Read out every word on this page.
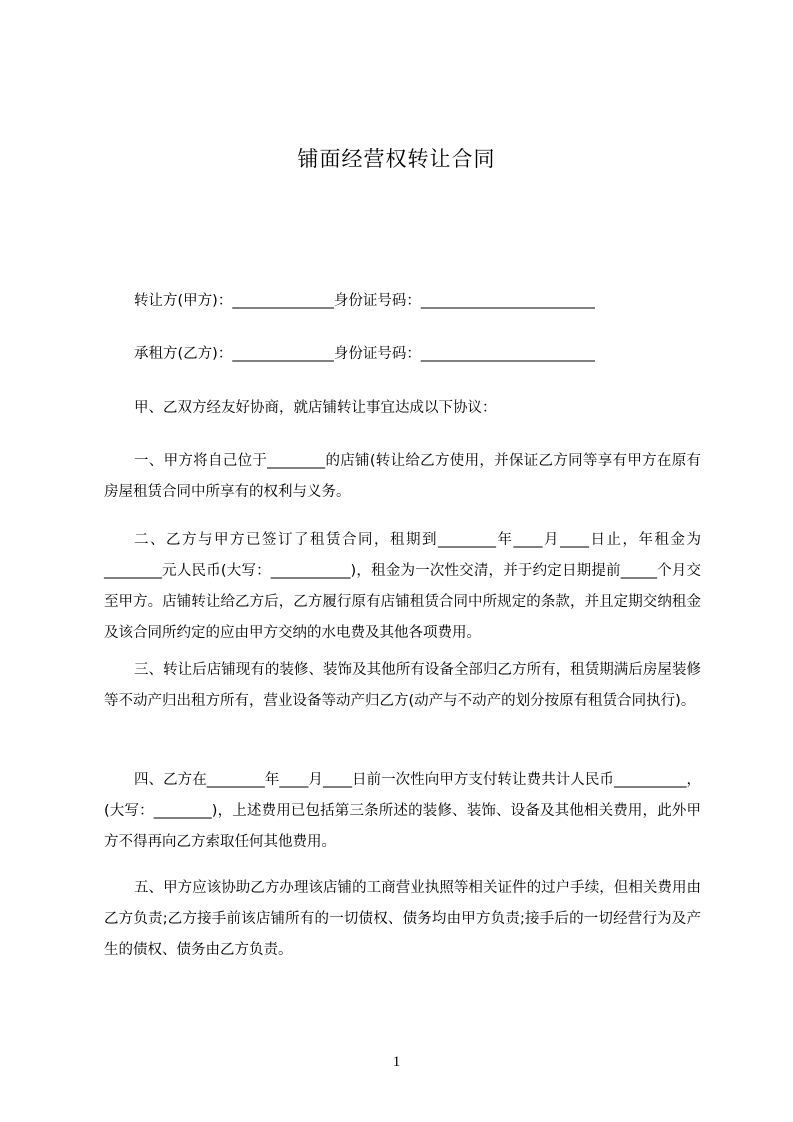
铺面经营权转让合同

转让方(甲方)：______________身份证号码：________________________

承租方(乙方)：______________身份证号码：________________________

甲、乙双方经友好协商，就店铺转让事宜达成以下协议：

一、甲方将自己位于________的店铺(转让给乙方使用，并保证乙方同等享有甲方在原有房屋租赁合同中所享有的权利与义务。

二、乙方与甲方已签订了租赁合同，租期到________年____月____日止，年租金为________元人民币(大写：___________)，租金为一次性交清，并于约定日期提前_____个月交至甲方。店铺转让给乙方后，乙方履行原有店铺租赁合同中所规定的条款，并且定期交纳租金及该合同所约定的应由甲方交纳的水电费及其他各项费用。

三、转让后店铺现有的装修、装饰及其他所有设备全部归乙方所有，租赁期满后房屋装修等不动产归出租方所有，营业设备等动产归乙方(动产与不动产的划分按原有租赁合同执行)。

四、乙方在________年____月____日前一次性向甲方支付转让费共计人民币__________，(大写：________)，上述费用已包括第三条所述的装修、装饰、设备及其他相关费用，此外甲方不得再向乙方索取任何其他费用。

五、甲方应该协助乙方办理该店铺的工商营业执照等相关证件的过户手续，但相关费用由乙方负责;乙方接手前该店铺所有的一切债权、债务均由甲方负责;接手后的一切经营行为及产生的债权、债务由乙方负责。

1
